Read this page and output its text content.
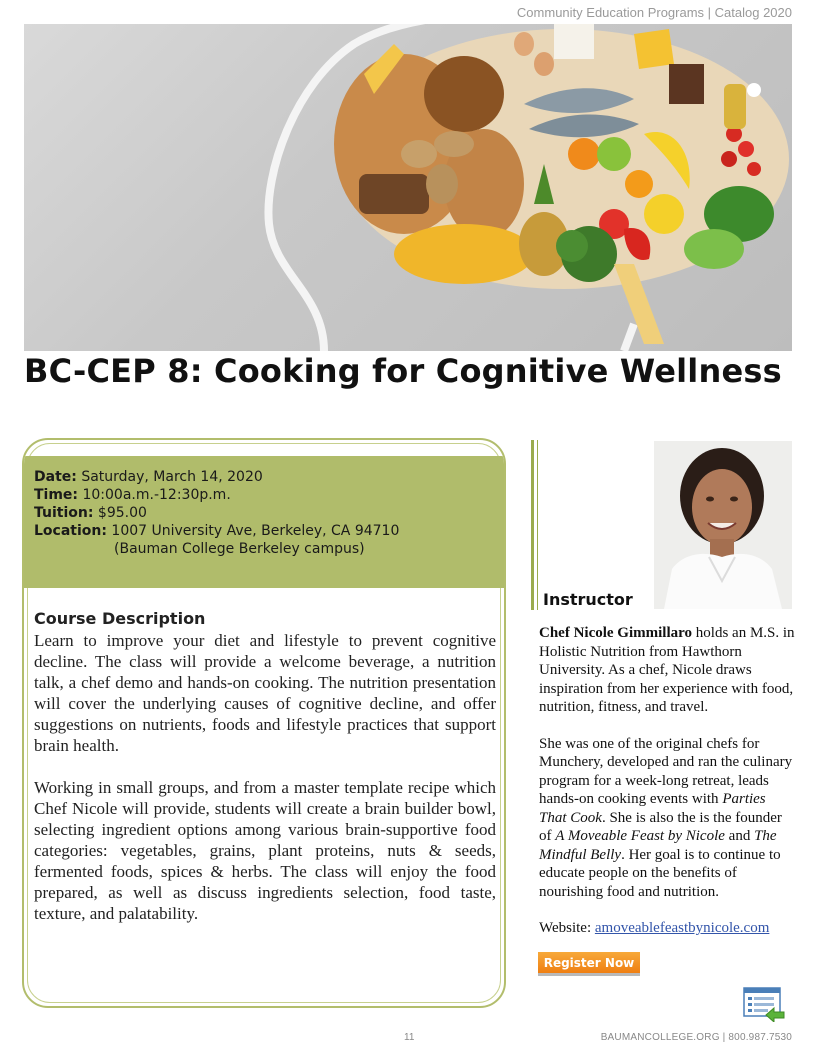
Community Education Programs | Catalog 2020
BC-CEP 8: Cooking for Cognitive Wellness
Date: Saturday, March 14, 2020
Time: 10:00a.m.-12:30p.m.
Tuition: $95.00
Location: 1007 University Ave, Berkeley, CA 94710
(Bauman College Berkeley campus)
Course Description

Learn to improve your diet and lifestyle to prevent cognitive decline. The class will provide a welcome beverage, a nutrition talk, a chef demo and hands-on cooking. The nutrition presentation will cover the underlying causes of cognitive decline, and offer suggestions on nutrients, foods and lifestyle practices that support brain health.

Working in small groups, and from a master template recipe which Chef Nicole will provide, students will create a brain builder bowl, selecting ingredient options among various brain-supportive food categories: vegetables, grains, plant proteins, nuts & seeds, fermented foods, spices & herbs. The class will enjoy the food prepared, as well as discuss ingredients selection, food taste, texture, and palatability.

Instructor

Chef Nicole Gimmillaro holds an M.S. in Holistic Nutrition from Hawthorn University. As a chef, Nicole draws inspiration from her experience with food, nutrition, fitness, and travel.

She was one of the original chefs for Munchery, developed and ran the culinary program for a week-long retreat, leads hands-on cooking events with Parties That Cook. She is also the is the founder of A Moveable Feast by Nicole and The Mindful Belly. Her goal is to continue to educate people on the benefits of nourishing food and nutrition.

Website: amoveablefeastbynicole.com

Register Now
11	BAUMANCOLLEGE.ORG | 800.987.7530
